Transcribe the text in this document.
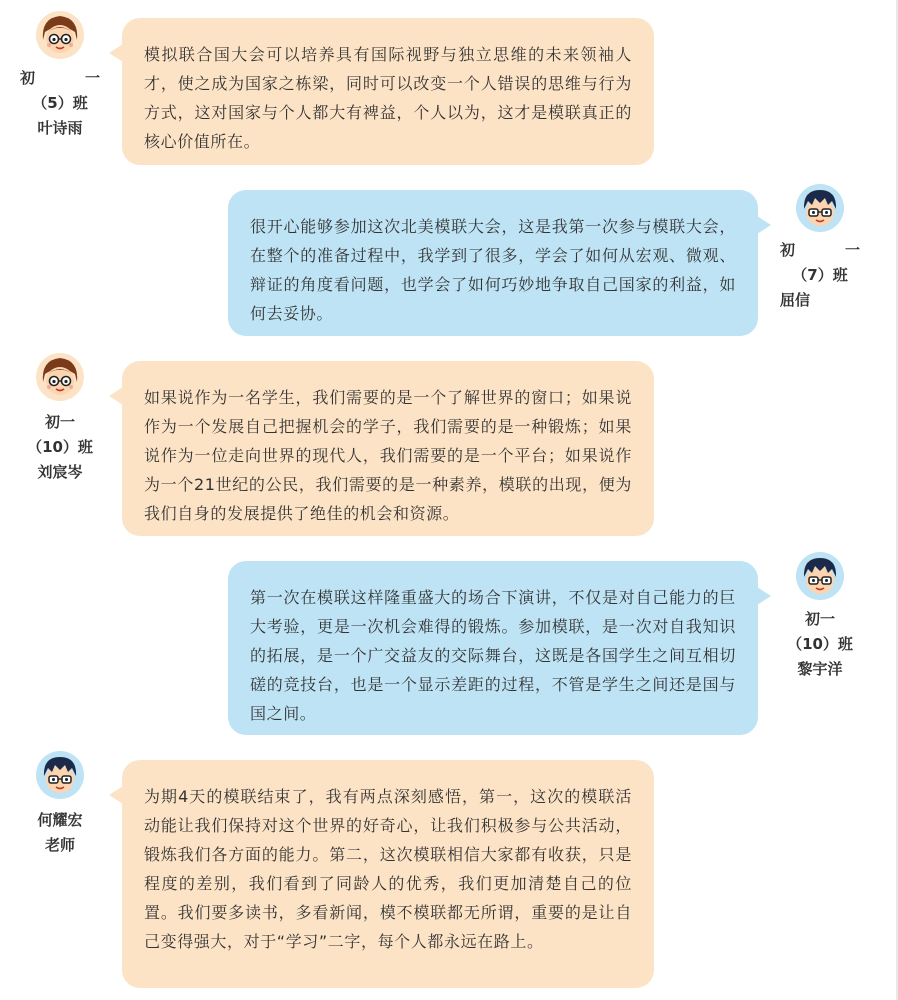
初　一
（5）班
叶诗雨

模拟联合国大会可以培养具有国际视野与独立思维的未来领袖人才，使之成为国家之栋梁，同时可以改变一个人错误的思维与行为方式，这对国家与个人都大有裨益，个人以为，这才是模联真正的核心价值所在。

很开心能够参加这次北美模联大会，这是我第一次参与模联大会，在整个的准备过程中，我学到了很多，学会了如何从宏观、微观、辩证的角度看问题，也学会了如何巧妙地争取自己国家的利益，如何去妥协。

初　一
（7）班
屈信
初一
（10）班
刘宸岑

如果说作为一名学生，我们需要的是一个了解世界的窗口；如果说作为一个发展自己把握机会的学子，我们需要的是一种锻炼；如果说作为一位走向世界的现代人，我们需要的是一个平台；如果说作为一个21世纪的公民，我们需要的是一种素养，模联的出现，便为我们自身的发展提供了绝佳的机会和资源。

第一次在模联这样隆重盛大的场合下演讲，不仅是对自己能力的巨大考验，更是一次机会难得的锻炼。参加模联，是一次对自我知识的拓展，是一个广交益友的交际舞台，这既是各国学生之间互相切磋的竞技台，也是一个显示差距的过程，不管是学生之间还是国与国之间。

初一
（10）班
黎宇洋
何耀宏
老师

为期4天的模联结束了，我有两点深刻感悟，第一，这次的模联活动能让我们保持对这个世界的好奇心，让我们积极参与公共活动，锻炼我们各方面的能力。第二，这次模联相信大家都有收获，只是程度的差别，我们看到了同龄人的优秀，我们更加清楚自己的位置。我们要多读书，多看新闻，模不模联都无所谓，重要的是让自己变得强大，对于“学习”二字，每个人都永远在路上。
